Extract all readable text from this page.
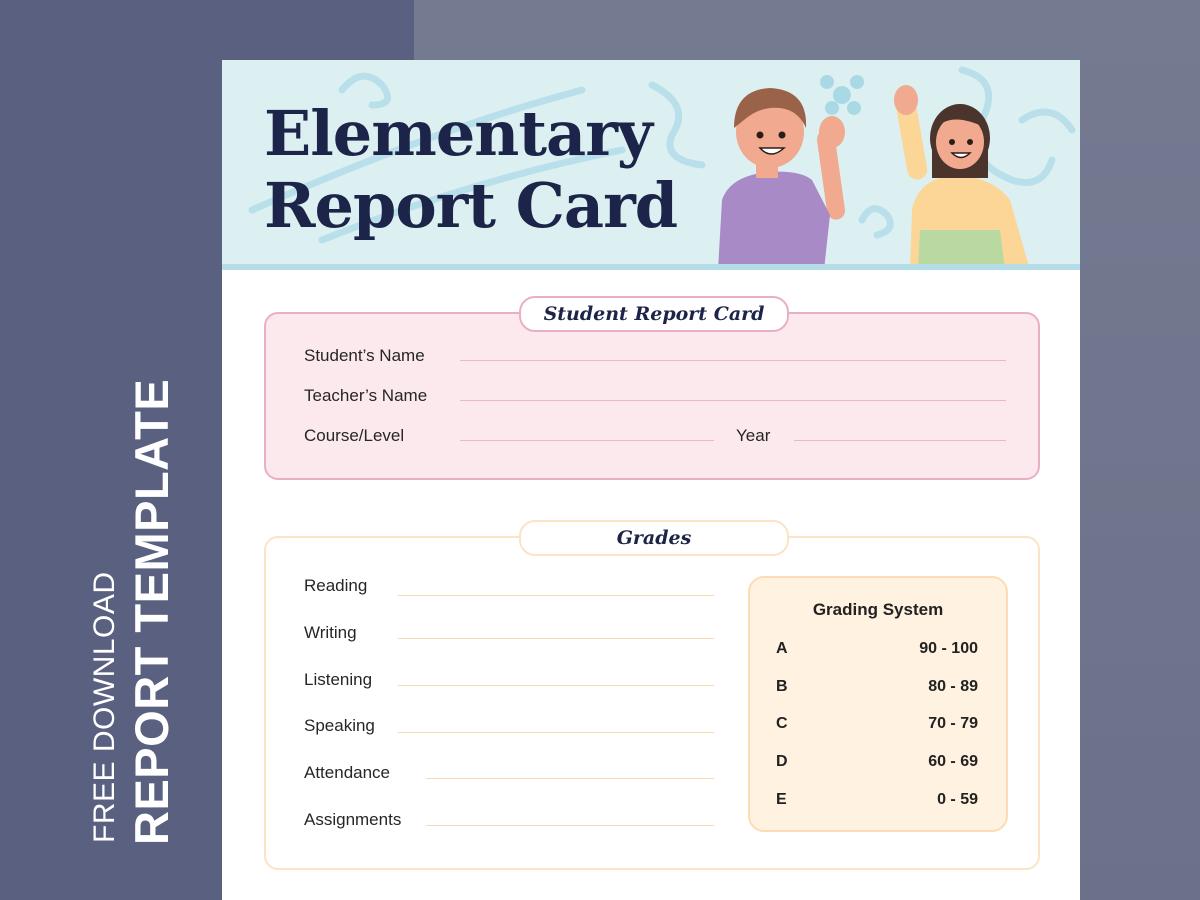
FREE DOWNLOAD REPORT TEMPLATE
Elementary
Report Card
Student Report Card
Student’s Name
Teacher’s Name
Course/Level	Year
Grades
Reading
Writing
Listening
Speaking
Attendance
Assignments
Grading System
A	90 - 100
B	80 - 89
C	70 - 79
D	60 - 69
E	0 - 59
